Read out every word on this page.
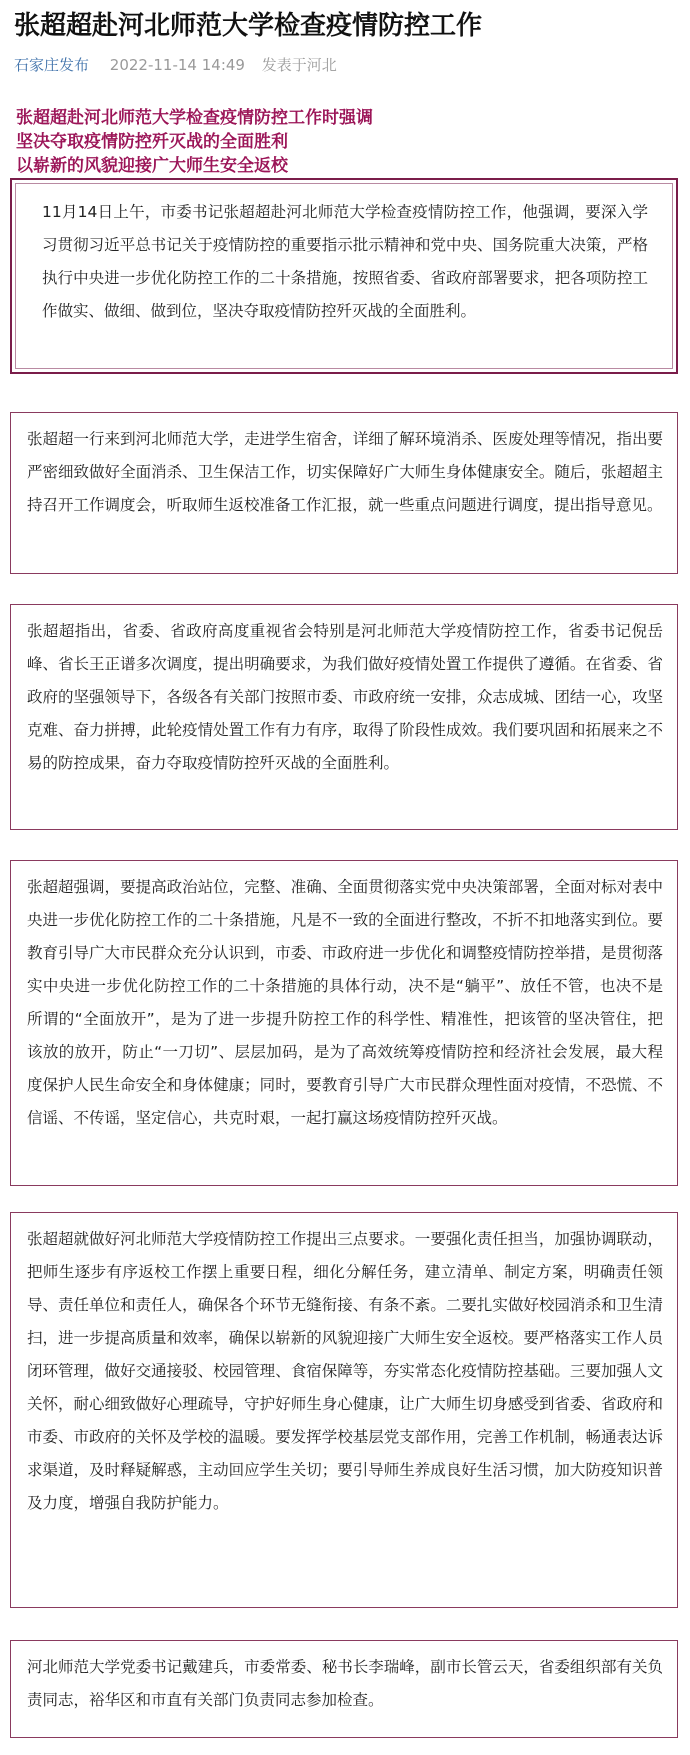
张超超赴河北师范大学检查疫情防控工作
石家庄发布 2022-11-14 14:49 发表于河北
张超超赴河北师范大学检查疫情防控工作时强调
坚决夺取疫情防控歼灭战的全面胜利
以崭新的风貌迎接广大师生安全返校

11月14日上午，市委书记张超超赴河北师范大学检查疫情防控工作，他强调，要深入学习贯彻习近平总书记关于疫情防控的重要指示批示精神和党中央、国务院重大决策，严格执行中央进一步优化防控工作的二十条措施，按照省委、省政府部署要求，把各项防控工作做实、做细、做到位，坚决夺取疫情防控歼灭战的全面胜利。

张超超一行来到河北师范大学，走进学生宿舍，详细了解环境消杀、医废处理等情况，指出要严密细致做好全面消杀、卫生保洁工作，切实保障好广大师生身体健康安全。随后，张超超主持召开工作调度会，听取师生返校准备工作汇报，就一些重点问题进行调度，提出指导意见。

张超超指出，省委、省政府高度重视省会特别是河北师范大学疫情防控工作，省委书记倪岳峰、省长王正谱多次调度，提出明确要求，为我们做好疫情处置工作提供了遵循。在省委、省政府的坚强领导下，各级各有关部门按照市委、市政府统一安排，众志成城、团结一心，攻坚克难、奋力拼搏，此轮疫情处置工作有力有序，取得了阶段性成效。我们要巩固和拓展来之不易的防控成果，奋力夺取疫情防控歼灭战的全面胜利。

张超超强调，要提高政治站位，完整、准确、全面贯彻落实党中央决策部署，全面对标对表中央进一步优化防控工作的二十条措施，凡是不一致的全面进行整改，不折不扣地落实到位。要教育引导广大市民群众充分认识到，市委、市政府进一步优化和调整疫情防控举措，是贯彻落实中央进一步优化防控工作的二十条措施的具体行动，决不是“躺平”、放任不管，也决不是所谓的“全面放开”，是为了进一步提升防控工作的科学性、精准性，把该管的坚决管住，把该放的放开，防止“一刀切”、层层加码，是为了高效统筹疫情防控和经济社会发展，最大程度保护人民生命安全和身体健康；同时，要教育引导广大市民群众理性面对疫情，不恐慌、不信谣、不传谣，坚定信心，共克时艰，一起打赢这场疫情防控歼灭战。

张超超就做好河北师范大学疫情防控工作提出三点要求。一要强化责任担当，加强协调联动，把师生逐步有序返校工作摆上重要日程，细化分解任务，建立清单、制定方案，明确责任领导、责任单位和责任人，确保各个环节无缝衔接、有条不紊。二要扎实做好校园消杀和卫生清扫，进一步提高质量和效率，确保以崭新的风貌迎接广大师生安全返校。要严格落实工作人员闭环管理，做好交通接驳、校园管理、食宿保障等，夯实常态化疫情防控基础。三要加强人文关怀，耐心细致做好心理疏导，守护好师生身心健康，让广大师生切身感受到省委、省政府和市委、市政府的关怀及学校的温暖。要发挥学校基层党支部作用，完善工作机制，畅通表达诉求渠道，及时释疑解惑，主动回应学生关切；要引导师生养成良好生活习惯，加大防疫知识普及力度，增强自我防护能力。

河北师范大学党委书记戴建兵，市委常委、秘书长李瑞峰，副市长管云天，省委组织部有关负责同志，裕华区和市直有关部门负责同志参加检查。
